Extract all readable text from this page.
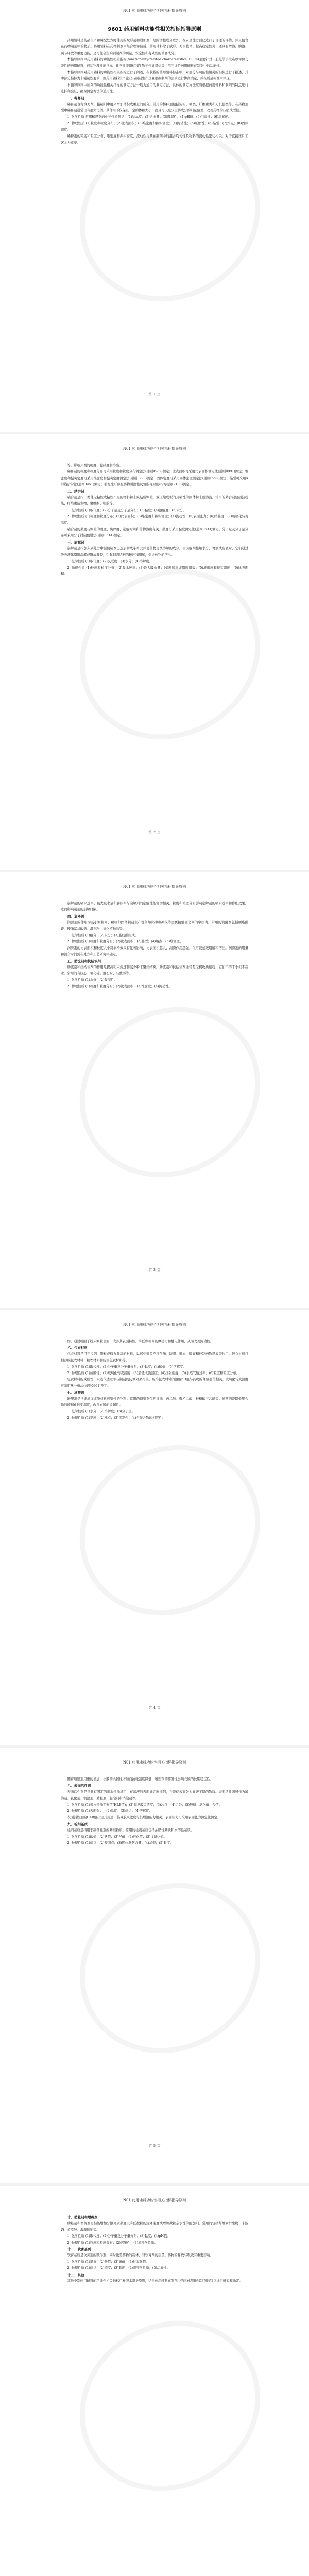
N01 药用辅料功能性相关指标指导原则
9601 药用辅料功能性相关指标指导原则

药用辅料是药品生产和调配处方时使用的赋形剂和附加剂，是除活性成分以外，在安全性方面已进行了合理的评估，并且包含在药物制剂中的物质。药用辅料在药物制剂中经合理评估后，药用辅料除了赋形、充当载体、提高稳定性外，还具有增溶、助溶、调节释放等重要功能，是可能会影响到制剂的质量、安全性和有效性的重要成分。

本指导原则中药用辅料的功能性相关指标(functionality-related characteristics, FRCs)主要针对一般化学手段难以评价功能性的药用辅料，包括物理性能指标、化学性能指标和生物学性能指标等，用于评价药用辅料在制剂中的功能性。

本指导原则对药用辅料的功能性相关指标进行了阐述，在收载的药用辅料标准中，对部分与功能性相关的指标进行了描述，其中部分指标为非强制性要求，由药用辅料生产企业与制剂生产企业根据制剂的需求进行协商确定，并在质量标准中体现。

本指导原则中所列的功能性相关指标的测定方法一般为通用的测定方法，具体的测定方法应当根据药用辅料和制剂的特点进行选择和验证，确保测定方法的适用性。

一、稀释剂

稀释剂也称填充剂，指制剂中用来增加体积或重量的成分。常用的稀释剂包括淀粉、糖类、纤维素类和无机盐类等。在药物剂型中稀释剂通常占有很大比例，其作用不仅保证一定的体积大小，而且可以减少主药成分的剂量偏差，改善药物的压缩成型性。

1. 化学性质 常用稀释剂的化学性质包括：(1)结晶度；(2)含水量；(3)吸湿性；(4)pH值；(5)引湿性；(6)溶解度。

2. 物理性质 (1)粒度和粒度分布；(2)比表面积；(3)堆密度和振实密度；(4)流动性；(5)压缩性；(6)晶型；(7)熔点；(8)固体密度。

稀释剂的粒度和粒度分布、堆密度和振实密度、流动性与其在制剂中的混合均匀性及物料的流动性密切相关，对于直接压片工艺尤为重要。

第 1 页
N01 药用辅料功能性相关指标指导原则

等，影响片剂的硬度、脆碎度和溶出。

稀释剂的粒度和粒度分布可采用粒度和粒度分布测定法(通则0982)测定；比表面积可采用比表面积测定法(通则0991)测定；堆密度和振实密度可采用堆密度和振实密度测定法(通则0993)测定；固体密度可采用固体密度测定法(通则0992)测定；晶型可采用X射线衍射法(通则0451)测定；引湿性可参照药物引湿性试验指导原则(指导原则9103)测定。

二、粘合剂

粘合剂是指一类使无粘性或粘性不足的物料粉末聚结成颗粒，或压缩成型的具粘性的固体粉末或溶液。常用的粘合剂包括淀粉浆、纤维素衍生物、聚维酮、明胶等。

1. 化学性质 (1)取代度；(2)分子量及分子量分布；(3)黏度；(4)溶解度；(5)水分。

2. 物理性质 (1)粒度和粒度分布；(2)比表面积；(3)堆密度和振实密度；(4)流动性；(5)表面张力；(6)结晶度；(7)玻璃化转变温度。

粘合剂的黏度与颗粒的硬度、脆碎度、崩解时间和药物溶出有关。黏度可采用黏度测定法(通则0633)测定，分子量及分子量分布可采用分子排阻色谱法(通则0514)测定。

三、崩解剂

崩解剂是指加入到处方中促使制剂迅速崩解成小单元并使药物更快溶解的成分。当崩解剂接触水分、胃液或肠液时，它们通过吸收液体膨胀溶解或形成凝胶，引起制剂结构的破坏和崩解，促进药物的溶出。

1. 化学性质 (1)取代度；(2)交联度；(3)水分；(4)溶解度。

2. 物理性质 (1)粒度和粒度分布；(2)吸水速率；(3)最大吸水量；(4)膨胀率或膨胀指数；(5)堆密度和振实密度；(6)比表面积。

第 2 页
N01 药用辅料功能性相关指标指导原则

崩解剂的吸水速率、最大吸水量和膨胀率与崩解剂的崩解性能密切相关，粒度和粒度分布影响崩解剂的吸水速率和膨胀效果，进而影响制剂的崩解时限。

四、润滑剂

润滑剂的作用为减小颗粒间、颗粒和固体制剂生产设备如片冲和冲模等金属接触面之间的摩擦力。常用的润滑剂包括硬脂酸镁、硬脂富马酸钠、滑石粉、氢化植物油等。

1. 化学性质 (1)组分；(2)水分；(3)脂肪酸组成。

2. 物理性质 (1)粒度和粒度分布；(2)比表面积；(3)晶型；(4)熔点；(5)堆密度。

润滑剂的比表面积和粒度大小对润滑效果有显著影响，比表面积越大，润滑作用越强，但可能延缓崩解和溶出。润滑剂的用量和混合时间需在处方和工艺研究中确定。

五、助流剂和抗结块剂

助流剂和抗结块剂的作用是提高粉末流速和减少粉末聚集结块。助流剂和抗结块剂通常是无机物质细粉，它们不溶于水但不疏水。常用的有胶态二氧化硅、滑石粉、硅酸钙等。

1. 化学性质 (1)水分；(2)吸湿性。

2. 物理性质 (1)粒度和粒度分布；(2)比表面积；(3)堆密度；(4)流动性。

第 3 页
N01 药用辅料功能性相关指标指导原则

如，通过吸附于粉末颗粒表面，改善其表面特性，降低颗粒间的摩擦力和静电作用，从而改善流动性。

六、包衣材料

包衣材料是用于片剂、颗粒或微丸外层的材料，以起到遮盖不良气味、防潮、避光、隔离和控制药物释放等作用。包衣材料包括薄膜包衣材料、糖衣材料和肠溶包衣材料等。

1. 化学性质 (1)取代度；(2)分子量及分子量分布；(3)黏度；(4)酸值；(5)溶解度。

2. 物理性质 (1)成膜性；(2)玻璃化转变温度；(3)最低成膜温度；(4)抗张强度；(5)水蒸气透过率；(6)粒度和粒度分布。

包衣材料的成膜性、水蒸气透过率与制剂的防潮效果相关，肠溶包衣材料的溶解pH值与药物的释放部位相关。玻璃化转变温度可采用热分析法(通则0661)测定。

七、增塑剂

增塑剂是指能增加成膜材料可塑性的物料。常用的增塑剂包括甘油、丙二醇、聚乙二醇、柠檬酸三乙酯等。增塑剂能降低聚合物的玻璃化转变温度，改善衣膜的柔韧性。

1. 化学性质 (1)水分；(2)溶解度；(3)分子量。

2. 物理性质 (1)黏度；(2)沸点；(3)挥发性；(4)与聚合物的相容性。

第 4 页
N01 药用辅料功能性相关指标指导原则

随着增塑剂用量的增加，衣膜的柔韧性增加而抗张强度降低，增塑剂的挥发性影响衣膜的长期稳定性。

八、表面活性剂

表面活性剂是指具有固定的亲水亲油基团，在溶液的表面能定向排列，并能使表面张力显著下降的物质。表面活性剂可作为增溶剂、乳化剂、润湿剂、助悬剂、起泡剂和消泡剂等。

1. 化学性质 (1)亲水亲油平衡值(HLB值)；(2)临界胶束浓度；(3)浊点；(4)组分；(5)酸值、皂化值、羟值。

2. 物理性质 (1)表面张力；(2)黏度；(3)熔点；(4)溶解度。

表面活性剂的HLB值决定其用途，临界胶束浓度与其增溶能力相关。表面张力可采用表面张力测定法测定。

九、栓剂基质

栓剂基质是指用于制备栓剂的基础物质。常用的栓剂基质包括油脂性基质和水溶性基质。

1. 化学性质 (1)酸值；(2)碘值；(3)羟值；(4)皂化值；(5)过氧化值。

2. 物理性质 (1)熔点；(2)凝固点；(3)固体脂肪含量；(4)晶型；(5)黏度。

第 5 页
N01 药用辅料功能性相关指标指导原则

十、助悬剂和增稠剂

助悬剂和增稠剂是指能增加分散介质黏度以降低微粒的沉降速度或增加微粒亲水性的附加剂。常用的包括纤维素衍生物、卡波姆、黄原胶、海藻酸钠等。

1. 化学性质 (1)取代度；(2)分子量及分子量分布；(3)黏度；(4)pH值。

2. 物理性质 (1)粒度和粒度分布；(2)溶胀性；(3)流变学性质。

十一、软膏基质

软膏基质是软膏剂的赋形剂，同时也是药物的载体，对软膏剂的质量、药物的释放与吸收有重要影响。

1. 化学性质 (1)组分；(2)酸值；(3)碘值；(4)过氧化值。

2. 物理性质 (1)熔点；(2)稠度；(3)黏度；(4)流变学性质；(5)涂展性。

十二、其他

其他类别药用辅料的功能性相关指标可参照本指导原则，结合药用辅料在制剂中的具体用途和制剂的特点进行研究和确定。
